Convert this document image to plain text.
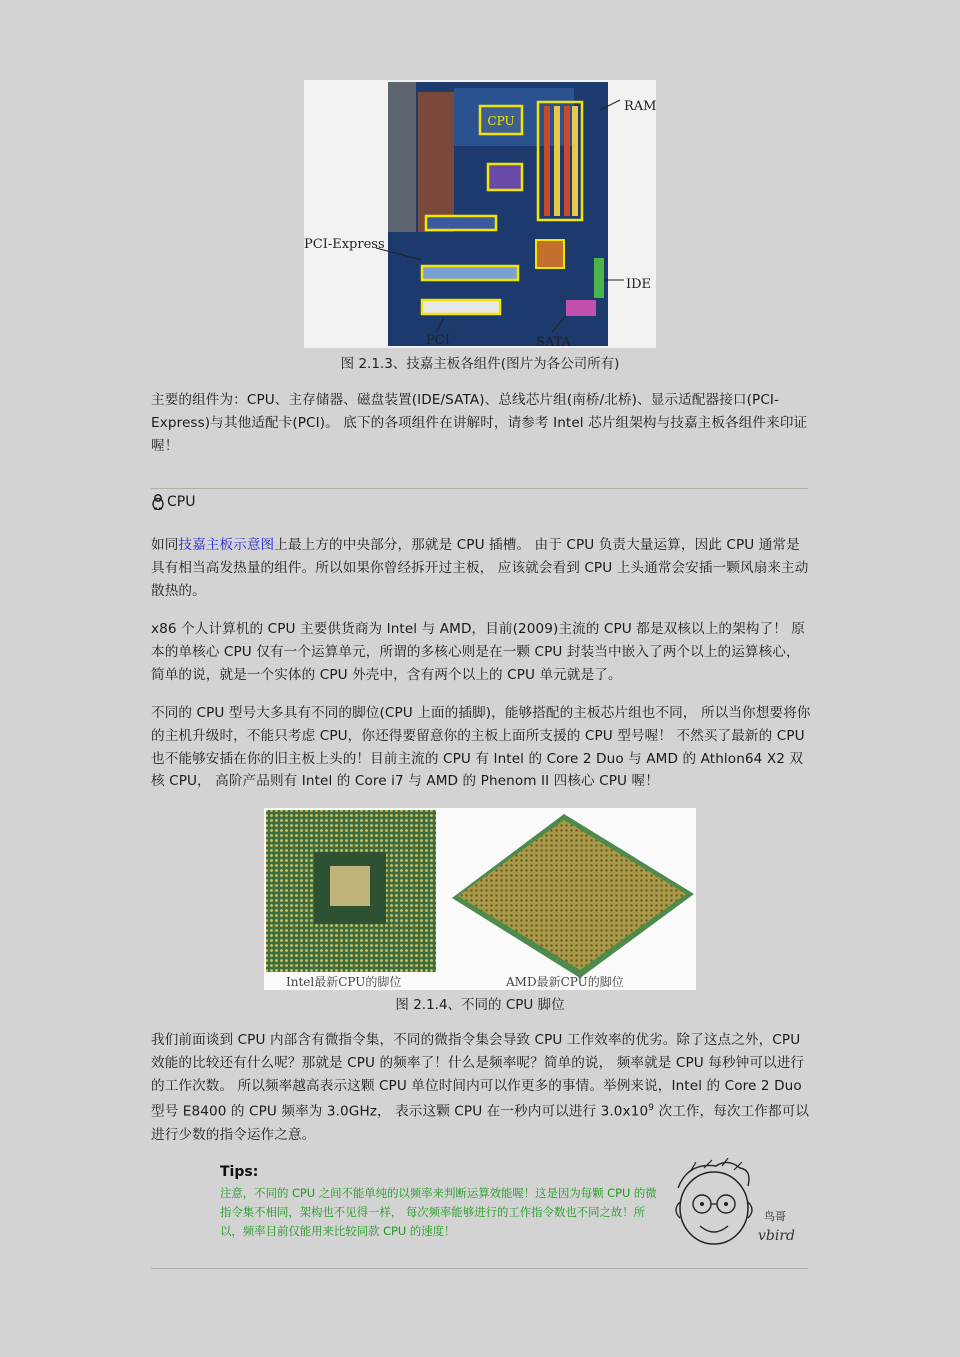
CPU
RAM
PCI-Express
IDE
PCI	SATA
图 2.1.3、技嘉主板各组件(图片为各公司所有)

主要的组件为：CPU、主存储器、磁盘装置(IDE/SATA)、总线芯片组(南桥/北桥)、显示适配器接口(PCI-Express)与其他适配卡(PCI)。 底下的各项组件在讲解时，请参考 Intel 芯片组架构与技嘉主板各组件来印证喔！

CPU

如同技嘉主板示意图上最上方的中央部分，那就是 CPU 插槽。 由于 CPU 负责大量运算，因此 CPU 通常是具有相当高发热量的组件。所以如果你曾经拆开过主板， 应该就会看到 CPU 上头通常会安插一颗风扇来主动散热的。

x86 个人计算机的 CPU 主要供货商为 Intel 与 AMD，目前(2009)主流的 CPU 都是双核以上的架构了！ 原本的单核心 CPU 仅有一个运算单元，所谓的多核心则是在一颗 CPU 封装当中嵌入了两个以上的运算核心， 简单的说，就是一个实体的 CPU 外壳中，含有两个以上的 CPU 单元就是了。

不同的 CPU 型号大多具有不同的脚位(CPU 上面的插脚)，能够搭配的主板芯片组也不同， 所以当你想要将你的主机升级时，不能只考虑 CPU，你还得要留意你的主板上面所支援的 CPU 型号喔！ 不然买了最新的 CPU 也不能够安插在你的旧主板上头的！目前主流的 CPU 有 Intel 的 Core 2 Duo 与 AMD 的 Athlon64 X2 双核 CPU， 高阶产品则有 Intel 的 Core i7 与 AMD 的 Phenom II 四核心 CPU 喔！

Intel最新CPU的脚位	AMD最新CPU的脚位
图 2.1.4、不同的 CPU 脚位

我们前面谈到 CPU 内部含有微指令集，不同的微指令集会导致 CPU 工作效率的优劣。除了这点之外，CPU 效能的比较还有什么呢？那就是 CPU 的频率了！什么是频率呢？简单的说， 频率就是 CPU 每秒钟可以进行的工作次数。 所以频率越高表示这颗 CPU 单位时间内可以作更多的事情。举例来说，Intel 的 Core 2 Duo 型号 E8400 的 CPU 频率为 3.0GHz， 表示这颗 CPU 在一秒内可以进行 $3.0x10^9$ 次工作，每次工作都可以进行少数的指令运作之意。

Tips:
注意，不同的 CPU 之间不能单纯的以频率来判断运算效能喔！这是因为每颗 CPU 的微指令集不相同，架构也不见得一样， 每次频率能够进行的工作指令数也不同之故！所以，频率目前仅能用来比较同款 CPU 的速度！
鸟哥
vbird
